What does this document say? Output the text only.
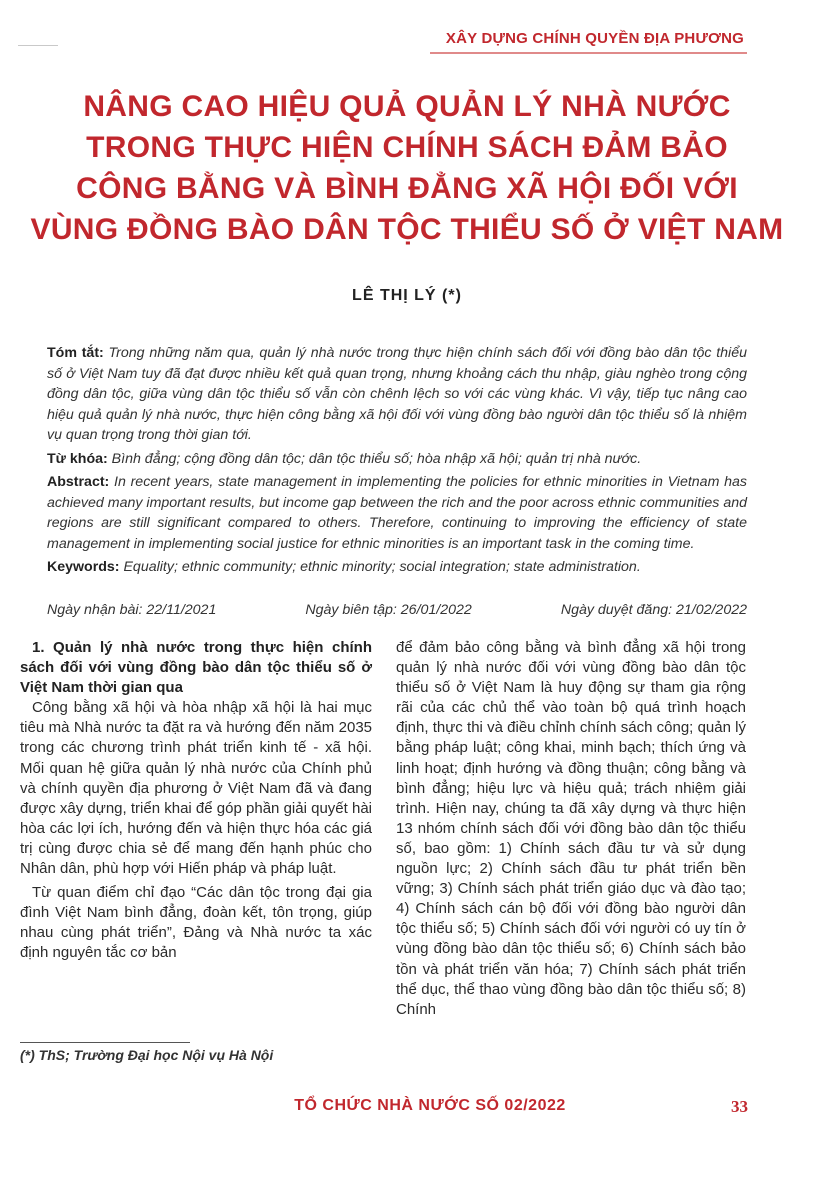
XÂY DỰNG CHÍNH QUYỀN ĐỊA PHƯƠNG
NÂNG CAO HIỆU QUẢ QUẢN LÝ NHÀ NƯỚC
TRONG THỰC HIỆN CHÍNH SÁCH ĐẢM BẢO
CÔNG BẰNG VÀ BÌNH ĐẲNG XÃ HỘI ĐỐI VỚI
VÙNG ĐỒNG BÀO DÂN TỘC THIỂU SỐ Ở VIỆT NAM
LÊ THỊ LÝ (*)

Tóm tắt: Trong những năm qua, quản lý nhà nước trong thực hiện chính sách đối với đồng bào dân tộc thiểu số ở Việt Nam tuy đã đạt được nhiều kết quả quan trọng, nhưng khoảng cách thu nhập, giàu nghèo trong cộng đồng dân tộc, giữa vùng dân tộc thiểu số vẫn còn chênh lệch so với các vùng khác. Vì vậy, tiếp tục nâng cao hiệu quả quản lý nhà nước, thực hiện công bằng xã hội đối với vùng đồng bào người dân tộc thiểu số là nhiệm vụ quan trọng trong thời gian tới.

Từ khóa: Bình đẳng; cộng đồng dân tộc; dân tộc thiểu số; hòa nhập xã hội; quản trị nhà nước.

Abstract: In recent years, state management in implementing the policies for ethnic minorities in Vietnam has achieved many important results, but income gap between the rich and the poor across ethnic communities and regions are still significant compared to others. Therefore, continuing to improving the efficiency of state management in implementing social justice for ethnic minorities is an important task in the coming time.

Keywords: Equality; ethnic community; ethnic minority; social integration; state administration.

Ngày nhận bài: 22/11/2021	Ngày biên tập: 26/01/2022	Ngày duyệt đăng: 21/02/2022

1. Quản lý nhà nước trong thực hiện chính sách đối với vùng đồng bào dân tộc thiểu số ở Việt Nam thời gian qua

Công bằng xã hội và hòa nhập xã hội là hai mục tiêu mà Nhà nước ta đặt ra và hướng đến năm 2035 trong các chương trình phát triển kinh tế - xã hội. Mối quan hệ giữa quản lý nhà nước của Chính phủ và chính quyền địa phương ở Việt Nam đã và đang được xây dựng, triển khai để góp phần giải quyết hài hòa các lợi ích, hướng đến và hiện thực hóa các giá trị cùng được chia sẻ để mang đến hạnh phúc cho Nhân dân, phù hợp với Hiến pháp và pháp luật.

Từ quan điểm chỉ đạo “Các dân tộc trong đại gia đình Việt Nam bình đẳng, đoàn kết, tôn trọng, giúp nhau cùng phát triển”, Đảng và Nhà nước ta xác định nguyên tắc cơ bản

để đảm bảo công bằng và bình đẳng xã hội trong quản lý nhà nước đối với vùng đồng bào dân tộc thiểu số ở Việt Nam là huy động sự tham gia rộng rãi của các chủ thể vào toàn bộ quá trình hoạch định, thực thi và điều chỉnh chính sách công; quản lý bằng pháp luật; công khai, minh bạch; thích ứng và linh hoạt; định hướng và đồng thuận; công bằng và bình đẳng; hiệu lực và hiệu quả; trách nhiệm giải trình. Hiện nay, chúng ta đã xây dựng và thực hiện 13 nhóm chính sách đối với đồng bào dân tộc thiểu số, bao gồm: 1) Chính sách đầu tư và sử dụng nguồn lực; 2) Chính sách đầu tư phát triển bền vững; 3) Chính sách phát triển giáo dục và đào tạo; 4) Chính sách cán bộ đối với đồng bào người dân tộc thiểu số; 5) Chính sách đối với người có uy tín ở vùng đồng bào dân tộc thiểu số; 6) Chính sách bảo tồn và phát triển văn hóa; 7) Chính sách phát triển thể dục, thể thao vùng đồng bào dân tộc thiểu số; 8) Chính

(*) ThS; Trường Đại học Nội vụ Hà Nội
TỔ CHỨC NHÀ NƯỚC SỐ 02/2022	33
